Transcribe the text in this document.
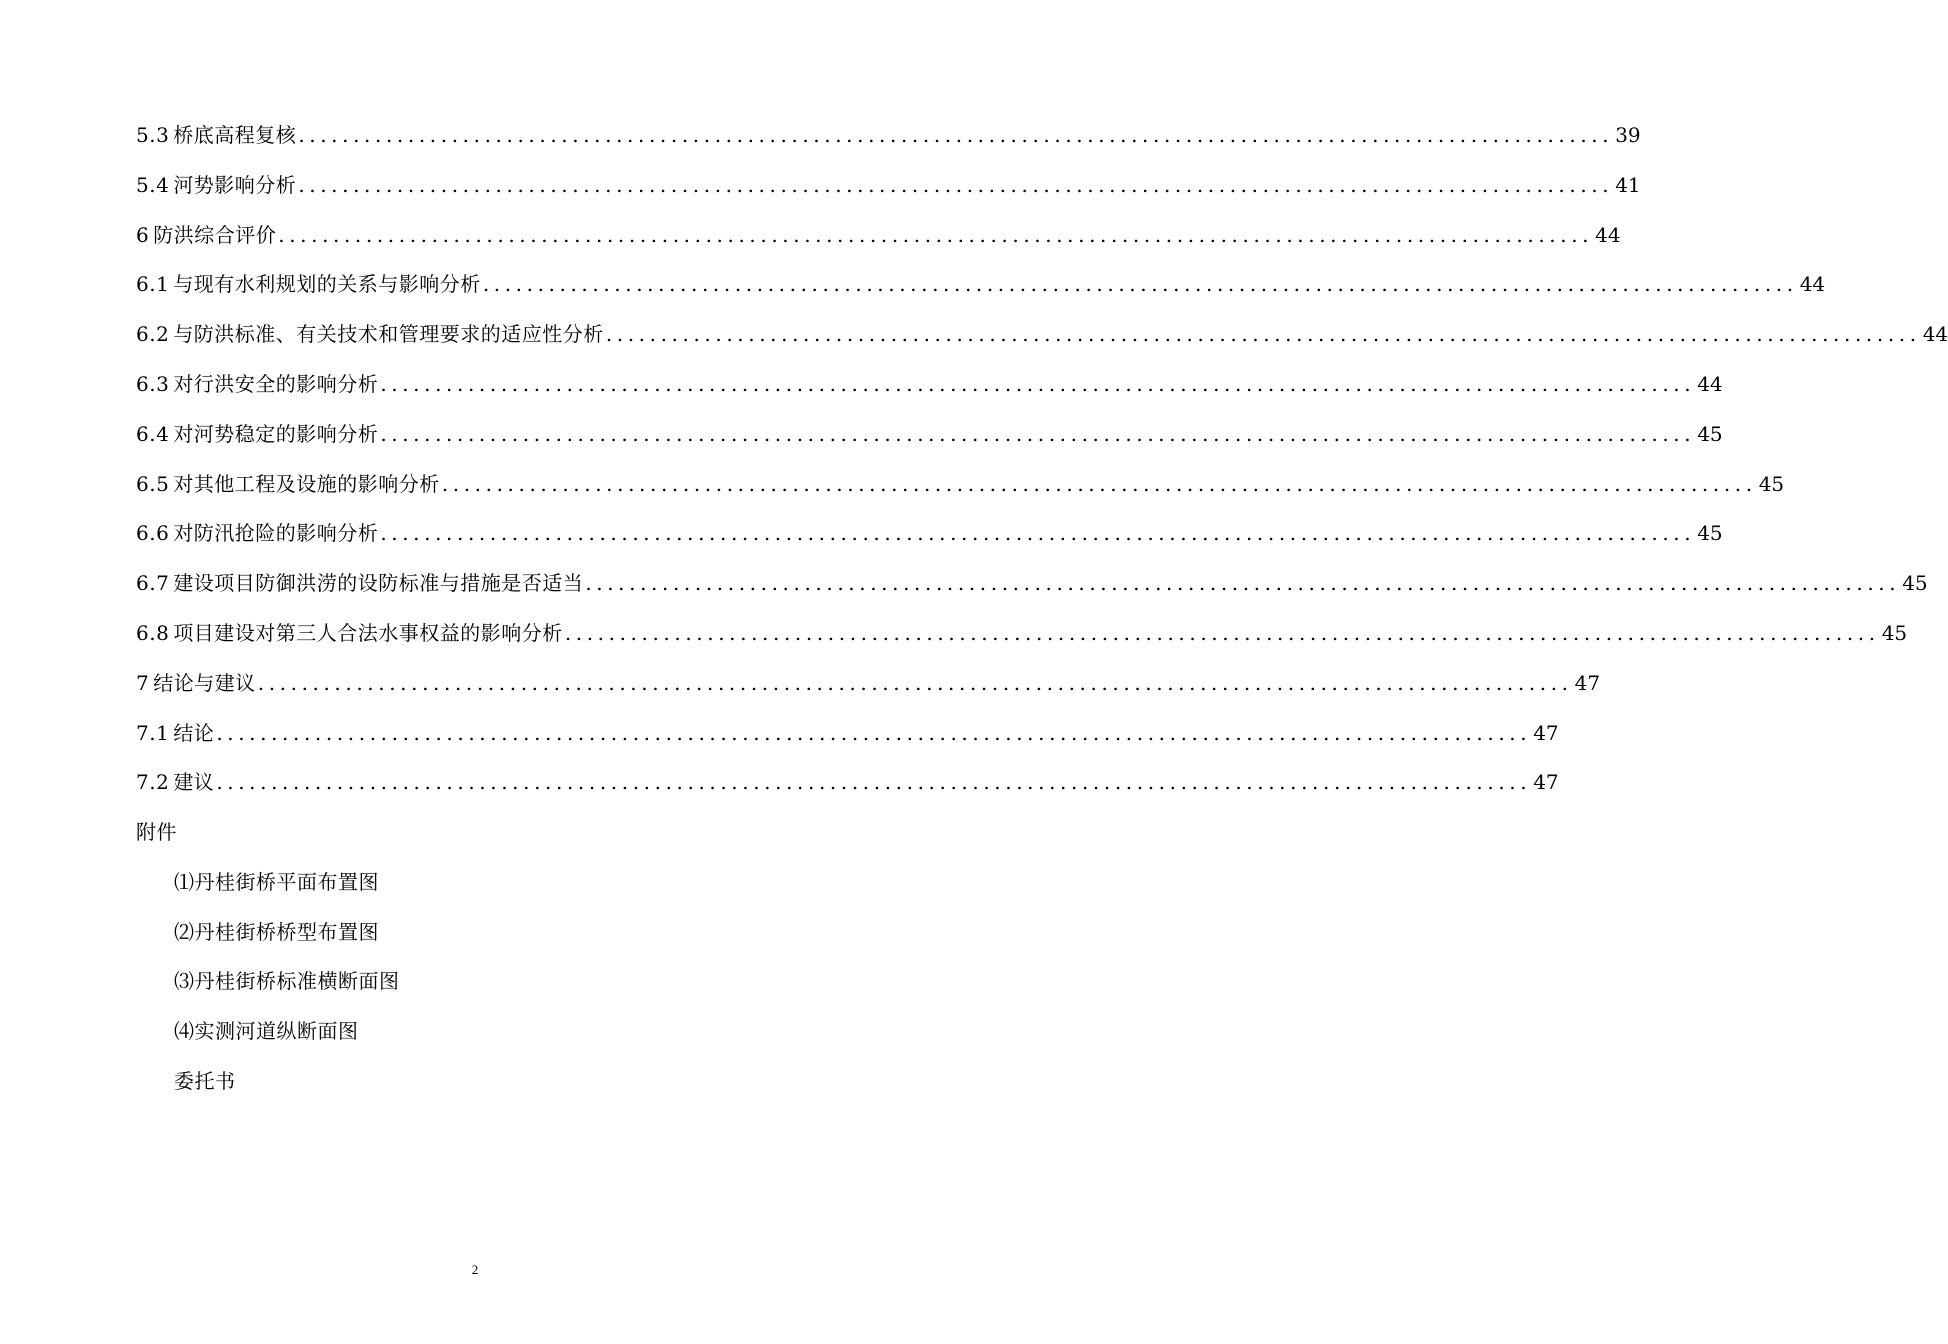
5.3 桥底高程复核 ........................................................................................................................ 39
5.4 河势影响分析 ........................................................................................................................ 41
6 防洪综合评价 ........................................................................................................................ 44
6.1 与现有水利规划的关系与影响分析 ........................................................................................................................ 44
6.2 与防洪标准、有关技术和管理要求的适应性分析 ........................................................................................................................ 44
6.3 对行洪安全的影响分析 ........................................................................................................................ 44
6.4 对河势稳定的影响分析 ........................................................................................................................ 45
6.5 对其他工程及设施的影响分析 ........................................................................................................................ 45
6.6 对防汛抢险的影响分析 ........................................................................................................................ 45
6.7 建设项目防御洪涝的设防标准与措施是否适当 ........................................................................................................................ 45
6.8 项目建设对第三人合法水事权益的影响分析 ........................................................................................................................ 45
7 结论与建议 ........................................................................................................................ 47
7.1 结论 ........................................................................................................................ 47
7.2 建议 ........................................................................................................................ 47
附件
⑴丹桂街桥平面布置图
⑵丹桂街桥桥型布置图
⑶丹桂街桥标准横断面图
⑷实测河道纵断面图
委托书
2
